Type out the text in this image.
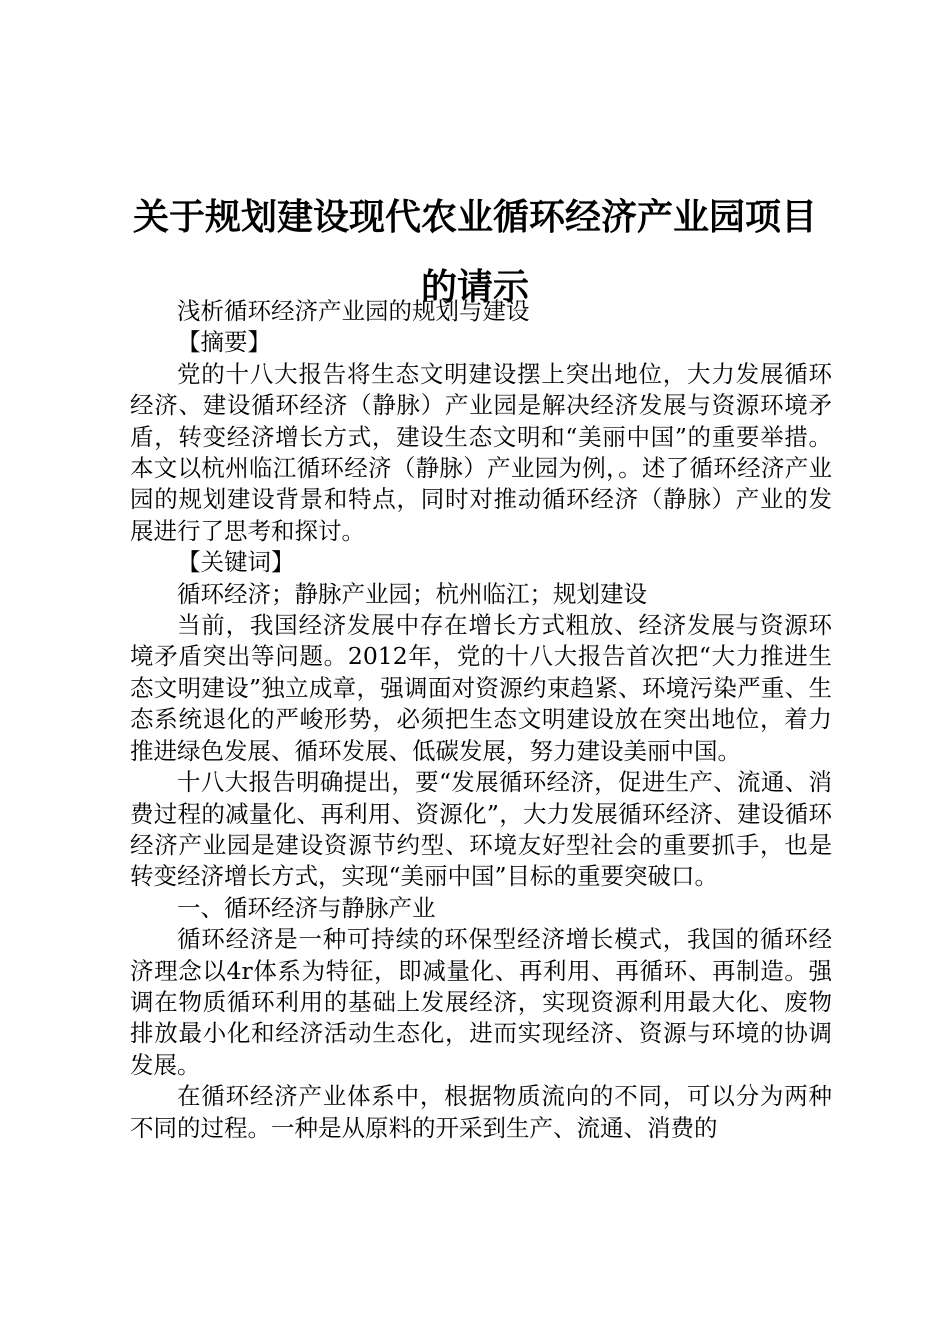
关于规划建设现代农业循环经济产业园项目的请示

浅析循环经济产业园的规划与建设

【摘要】

党的十八大报告将生态文明建设摆上突出地位，大力发展循环经济、建设循环经济（静脉）产业园是解决经济发展与资源环境矛盾，转变经济增长方式，建设生态文明和“美丽中国”的重要举措。本文以杭州临江循环经济（静脉）产业园为例，。述了循环经济产业园的规划建设背景和特点，同时对推动循环经济（静脉）产业的发展进行了思考和探讨。

【关键词】

循环经济；静脉产业园；杭州临江；规划建设

当前，我国经济发展中存在增长方式粗放、经济发展与资源环境矛盾突出等问题。2012年，党的十八大报告首次把“大力推进生态文明建设”独立成章，强调面对资源约束趋紧、环境污染严重、生态系统退化的严峻形势，必须把生态文明建设放在突出地位，着力推进绿色发展、循环发展、低碳发展，努力建设美丽中国。

十八大报告明确提出，要“发展循环经济，促进生产、流通、消费过程的减量化、再利用、资源化”，大力发展循环经济、建设循环经济产业园是建设资源节约型、环境友好型社会的重要抓手，也是转变经济增长方式，实现“美丽中国”目标的重要突破口。

一、循环经济与静脉产业

循环经济是一种可持续的环保型经济增长模式，我国的循环经济理念以4r体系为特征，即减量化、再利用、再循环、再制造。强调在物质循环利用的基础上发展经济，实现资源利用最大化、废物排放最小化和经济活动生态化，进而实现经济、资源与环境的协调发展。

在循环经济产业体系中，根据物质流向的不同，可以分为两种不同的过程。一种是从原料的开采到生产、流通、消费的
